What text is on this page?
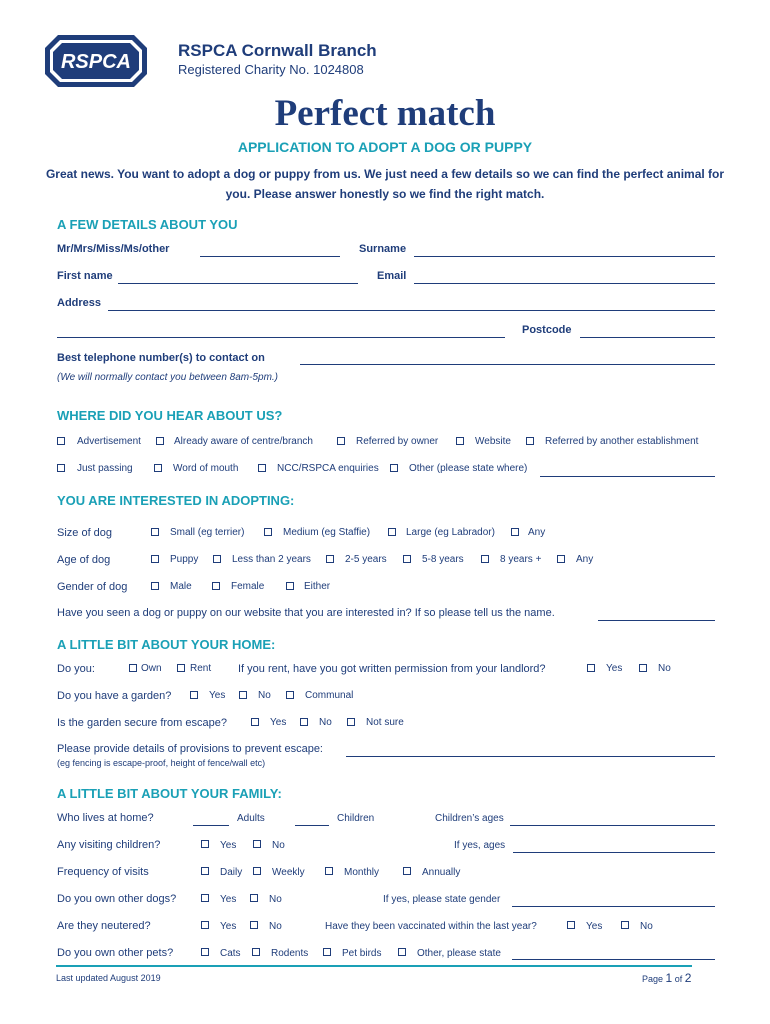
RSPCA
RSPCA Cornwall Branch
Registered Charity No. 1024808
Perfect match
APPLICATION TO ADOPT A DOG OR PUPPY
Great news. You want to adopt a dog or puppy from us. We just need a few details so we can find the perfect animal for you. Please answer honestly so we find the right match.
A FEW DETAILS ABOUT YOU
Mr/Mrs/Miss/Ms/other	Surname
First name	Email
Address
Postcode
Best telephone number(s) to contact on
(We will normally contact you between 8am-5pm.)
WHERE DID YOU HEAR ABOUT US?
Advertisement	Already aware of centre/branch	Referred by owner	Website	Referred by another establishment
Just passing	Word of mouth	NCC/RSPCA enquiries	Other (please state where)
YOU ARE INTERESTED IN ADOPTING:
Size of dog	Small (eg terrier)	Medium (eg Staffie)	Large (eg Labrador)	Any
Age of dog	Puppy	Less than 2 years	2-5 years	5-8 years	8 years +	Any
Gender of dog	Male	Female	Either
Have you seen a dog or puppy on our website that you are interested in? If so please tell us the name.
A LITTLE BIT ABOUT YOUR HOME:
Do you:	Own	Rent If you rent, have you got written permission from your landlord?	Yes	No
Do you have a garden?	Yes	No	Communal
Is the garden secure from escape?	Yes	No	Not sure
Please provide details of provisions to prevent escape:
(eg fencing is escape-proof, height of fence/wall etc)
A LITTLE BIT ABOUT YOUR FAMILY:
Who lives at home?	Adults	Children	Children’s ages
Any visiting children?	Yes	No	If yes, ages
Frequency of visits	Daily	Weekly	Monthly	Annually
Do you own other dogs?	Yes	No	If yes, please state gender
Are they neutered?	Yes	No	Have they been vaccinated within the last year?	Yes	No
Do you own other pets?	Cats	Rodents	Pet birds	Other, please state
Last updated August 2019	Page 1 of 2
